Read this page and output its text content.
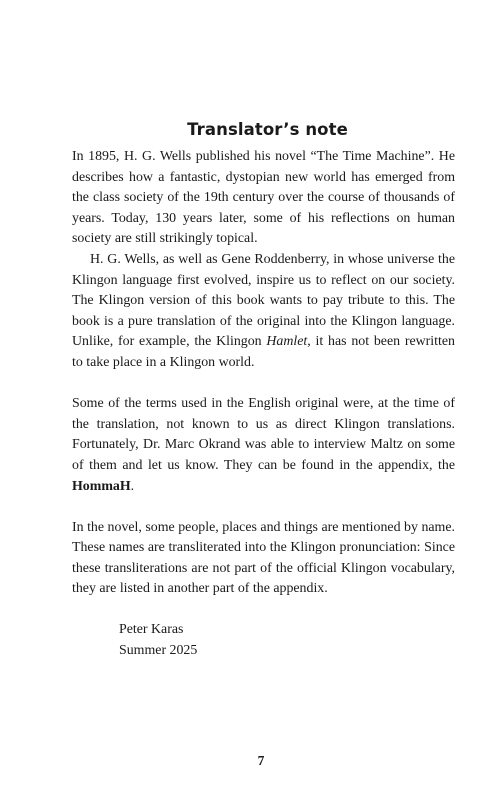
Translator’s note

In 1895, H. G. Wells published his novel “The Time Machine”. He describes how a fantastic, dystopian new world has emerged from the class society of the 19th century over the course of thousands of years. Today, 130 years later, some of his reflections on human society are still strikingly topical.

H. G. Wells, as well as Gene Roddenberry, in whose universe the Klingon language first evolved, inspire us to reflect on our society. The Klingon version of this book wants to pay tribute to this. The book is a pure translation of the original into the Klingon language. Unlike, for example, the Klingon Hamlet, it has not been rewritten to take place in a Klingon world.

Some of the terms used in the English original were, at the time of the translation, not known to us as direct Klingon translations. Fortunately, Dr. Marc Okrand was able to interview Maltz on some of them and let us know. They can be found in the appendix, the HommaH.

In the novel, some people, places and things are mentioned by name. These names are transliterated into the Klingon pronunciation: Since these transliterations are not part of the official Klingon vocabulary, they are listed in another part of the appendix.

Peter Karas
Summer 2025
7
